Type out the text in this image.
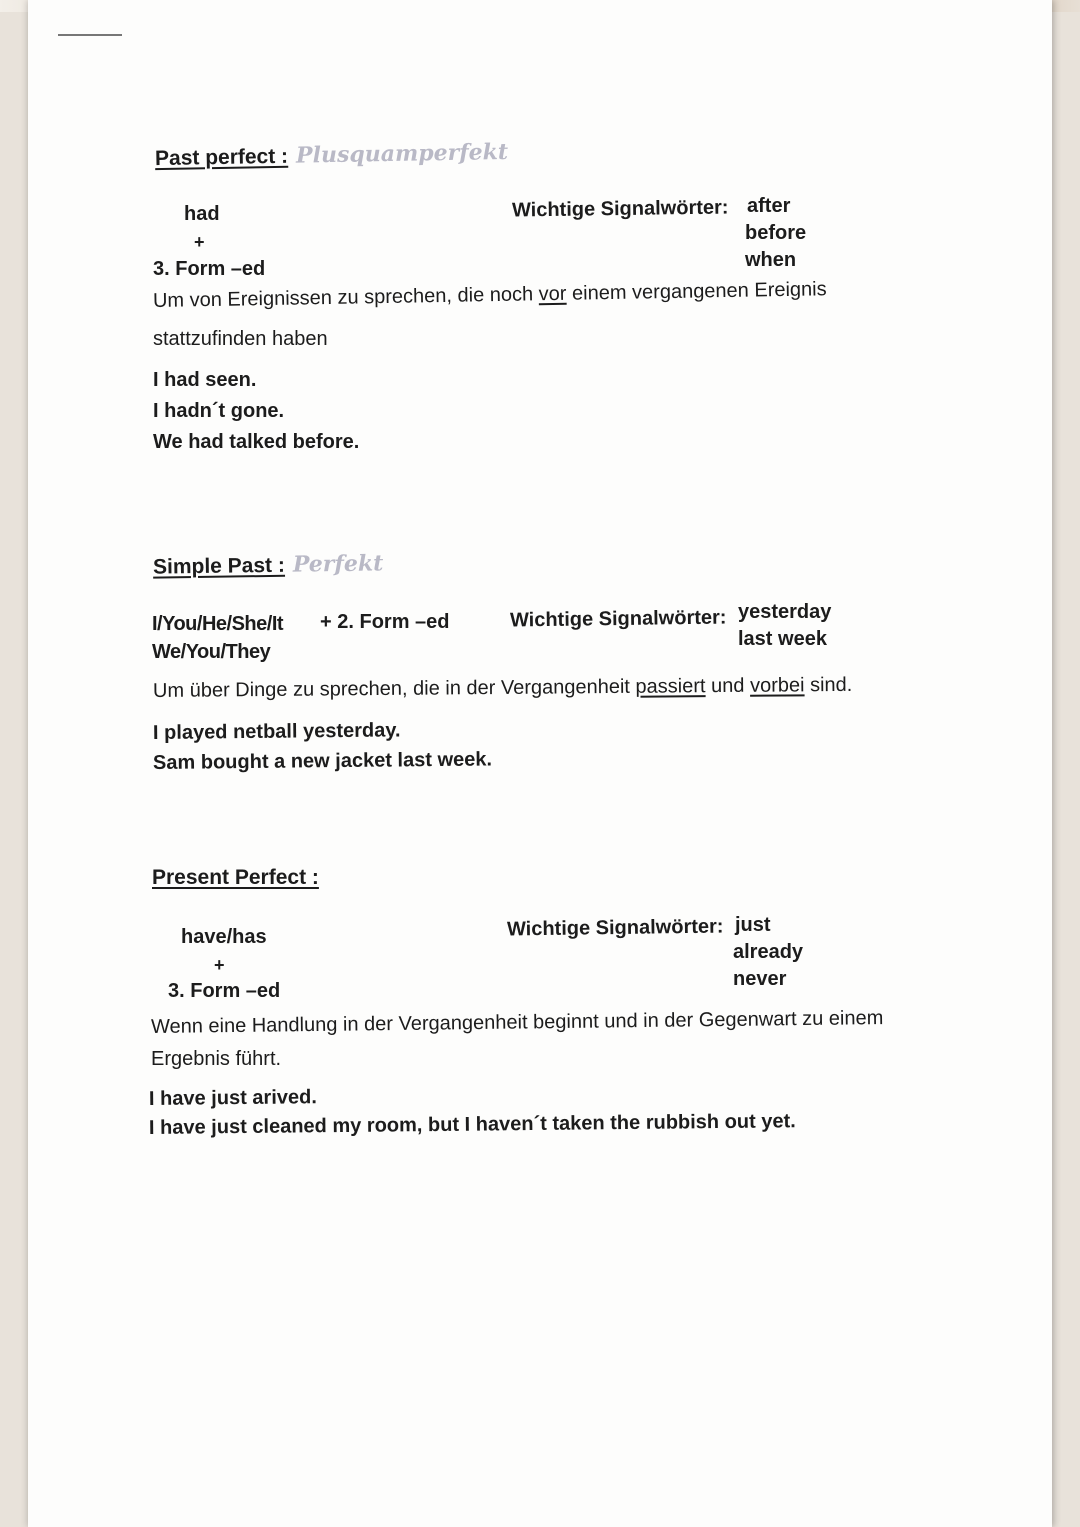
Past perfect : Plusquamperfekt
had
+
3. Form –ed
Wichtige Signalwörter: after
before
when
Um von Ereignissen zu sprechen, die noch vor einem vergangenen Ereignis
stattzufinden haben
I had seen.
I hadn´t gone.
We had talked before.
Simple Past : Perfekt
I/You/He/She/It
We/You/They
+ 2. Form –ed	Wichtige Signalwörter: yesterday
last week
Um über Dinge zu sprechen, die in der Vergangenheit passiert und vorbei sind.
I played netball yesterday.
Sam bought a new jacket last week.
Present Perfect :
have/has
+
3. Form –ed
Wichtige Signalwörter: just
already
never
Wenn eine Handlung in der Vergangenheit beginnt und in der Gegenwart zu einem
Ergebnis führt.
I have just arived.
I have just cleaned my room, but I haven´t taken the rubbish out yet.
